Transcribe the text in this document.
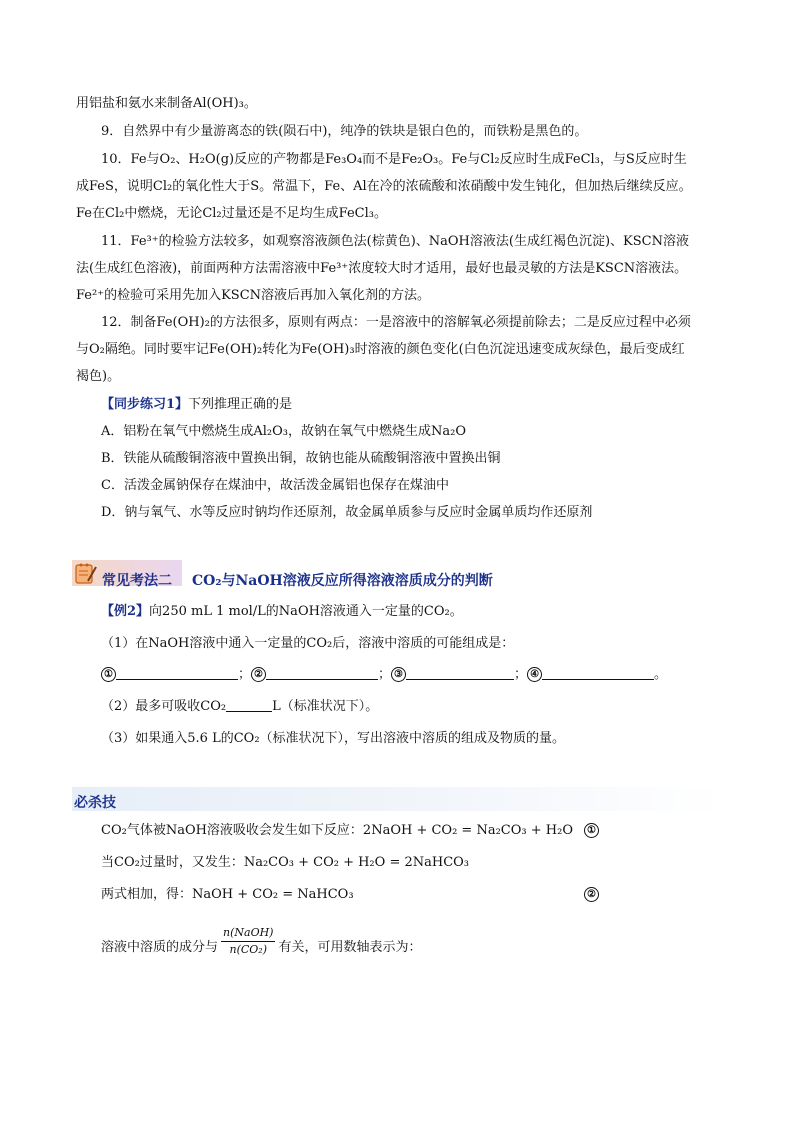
用铝盐和氨水来制备Al(OH)₃。
9．自然界中有少量游离态的铁(陨石中)，纯净的铁块是银白色的，而铁粉是黑色的。
10．Fe与O₂、H₂O(g)反应的产物都是Fe₃O₄而不是Fe₂O₃。Fe与Cl₂反应时生成FeCl₃，与S反应时生
成FeS，说明Cl₂的氧化性大于S。常温下，Fe、Al在冷的浓硫酸和浓硝酸中发生钝化，但加热后继续反应。
Fe在Cl₂中燃烧，无论Cl₂过量还是不足均生成FeCl₃。
11．Fe³⁺的检验方法较多，如观察溶液颜色法(棕黄色)、NaOH溶液法(生成红褐色沉淀)、KSCN溶液
法(生成红色溶液)，前面两种方法需溶液中Fe³⁺浓度较大时才适用，最好也最灵敏的方法是KSCN溶液法。
Fe²⁺的检验可采用先加入KSCN溶液后再加入氧化剂的方法。
12．制备Fe(OH)₂的方法很多，原则有两点：一是溶液中的溶解氧必须提前除去；二是反应过程中必须
与O₂隔绝。同时要牢记Fe(OH)₂转化为Fe(OH)₃时溶液的颜色变化(白色沉淀迅速变成灰绿色，最后变成红
褐色)。
【同步练习1】下列推理正确的是
A．铝粉在氧气中燃烧生成Al₂O₃，故钠在氧气中燃烧生成Na₂O
B．铁能从硫酸铜溶液中置换出铜，故钠也能从硫酸铜溶液中置换出铜
C．活泼金属钠保存在煤油中，故活泼金属铝也保存在煤油中
D．钠与氧气、水等反应时钠均作还原剂，故金属单质参与反应时金属单质均作还原剂
常见考法二 CO₂与NaOH溶液反应所得溶液溶质成分的判断
【例2】向250 mL 1 mol/L的NaOH溶液通入一定量的CO₂。
（1）在NaOH溶液中通入一定量的CO₂后，溶液中溶质的可能组成是：
①	； ②	； ③	； ④	。
（2）最多可吸收CO₂	L（标准状况下）。
（3）如果通入5.6 L的CO₂（标准状况下），写出溶液中溶质的组成及物质的量。
必杀技
CO₂气体被NaOH溶液吸收会发生如下反应：2NaOH + CO₂ = Na₂CO₃ + H₂O	①
当CO₂过量时，又发生：Na₂CO₃ + CO₂ + H₂O = 2NaHCO₃
两式相加，得：NaOH + CO₂ = NaHCO₃	②
溶液中溶质的成分与 $\frac{\text{n(NaOH)}}{\text{n(CO₂)}}$ 有关，可用数轴表示为：
